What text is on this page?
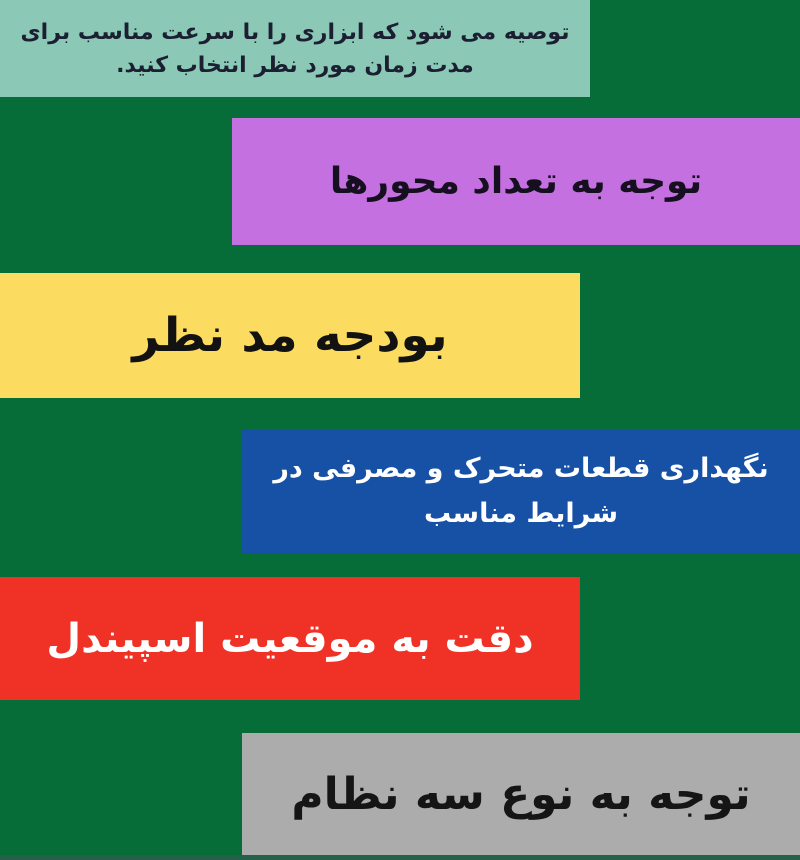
توصیه می شود که ابزاری را با سرعت مناسب برای مدت زمان مورد نظر انتخاب کنید.
توجه به تعداد محورها
بودجه مد نظر
نگهداری قطعات متحرک و مصرفی در شرایط مناسب
دقت به موقعیت اسپیندل
توجه به نوع سه نظام
